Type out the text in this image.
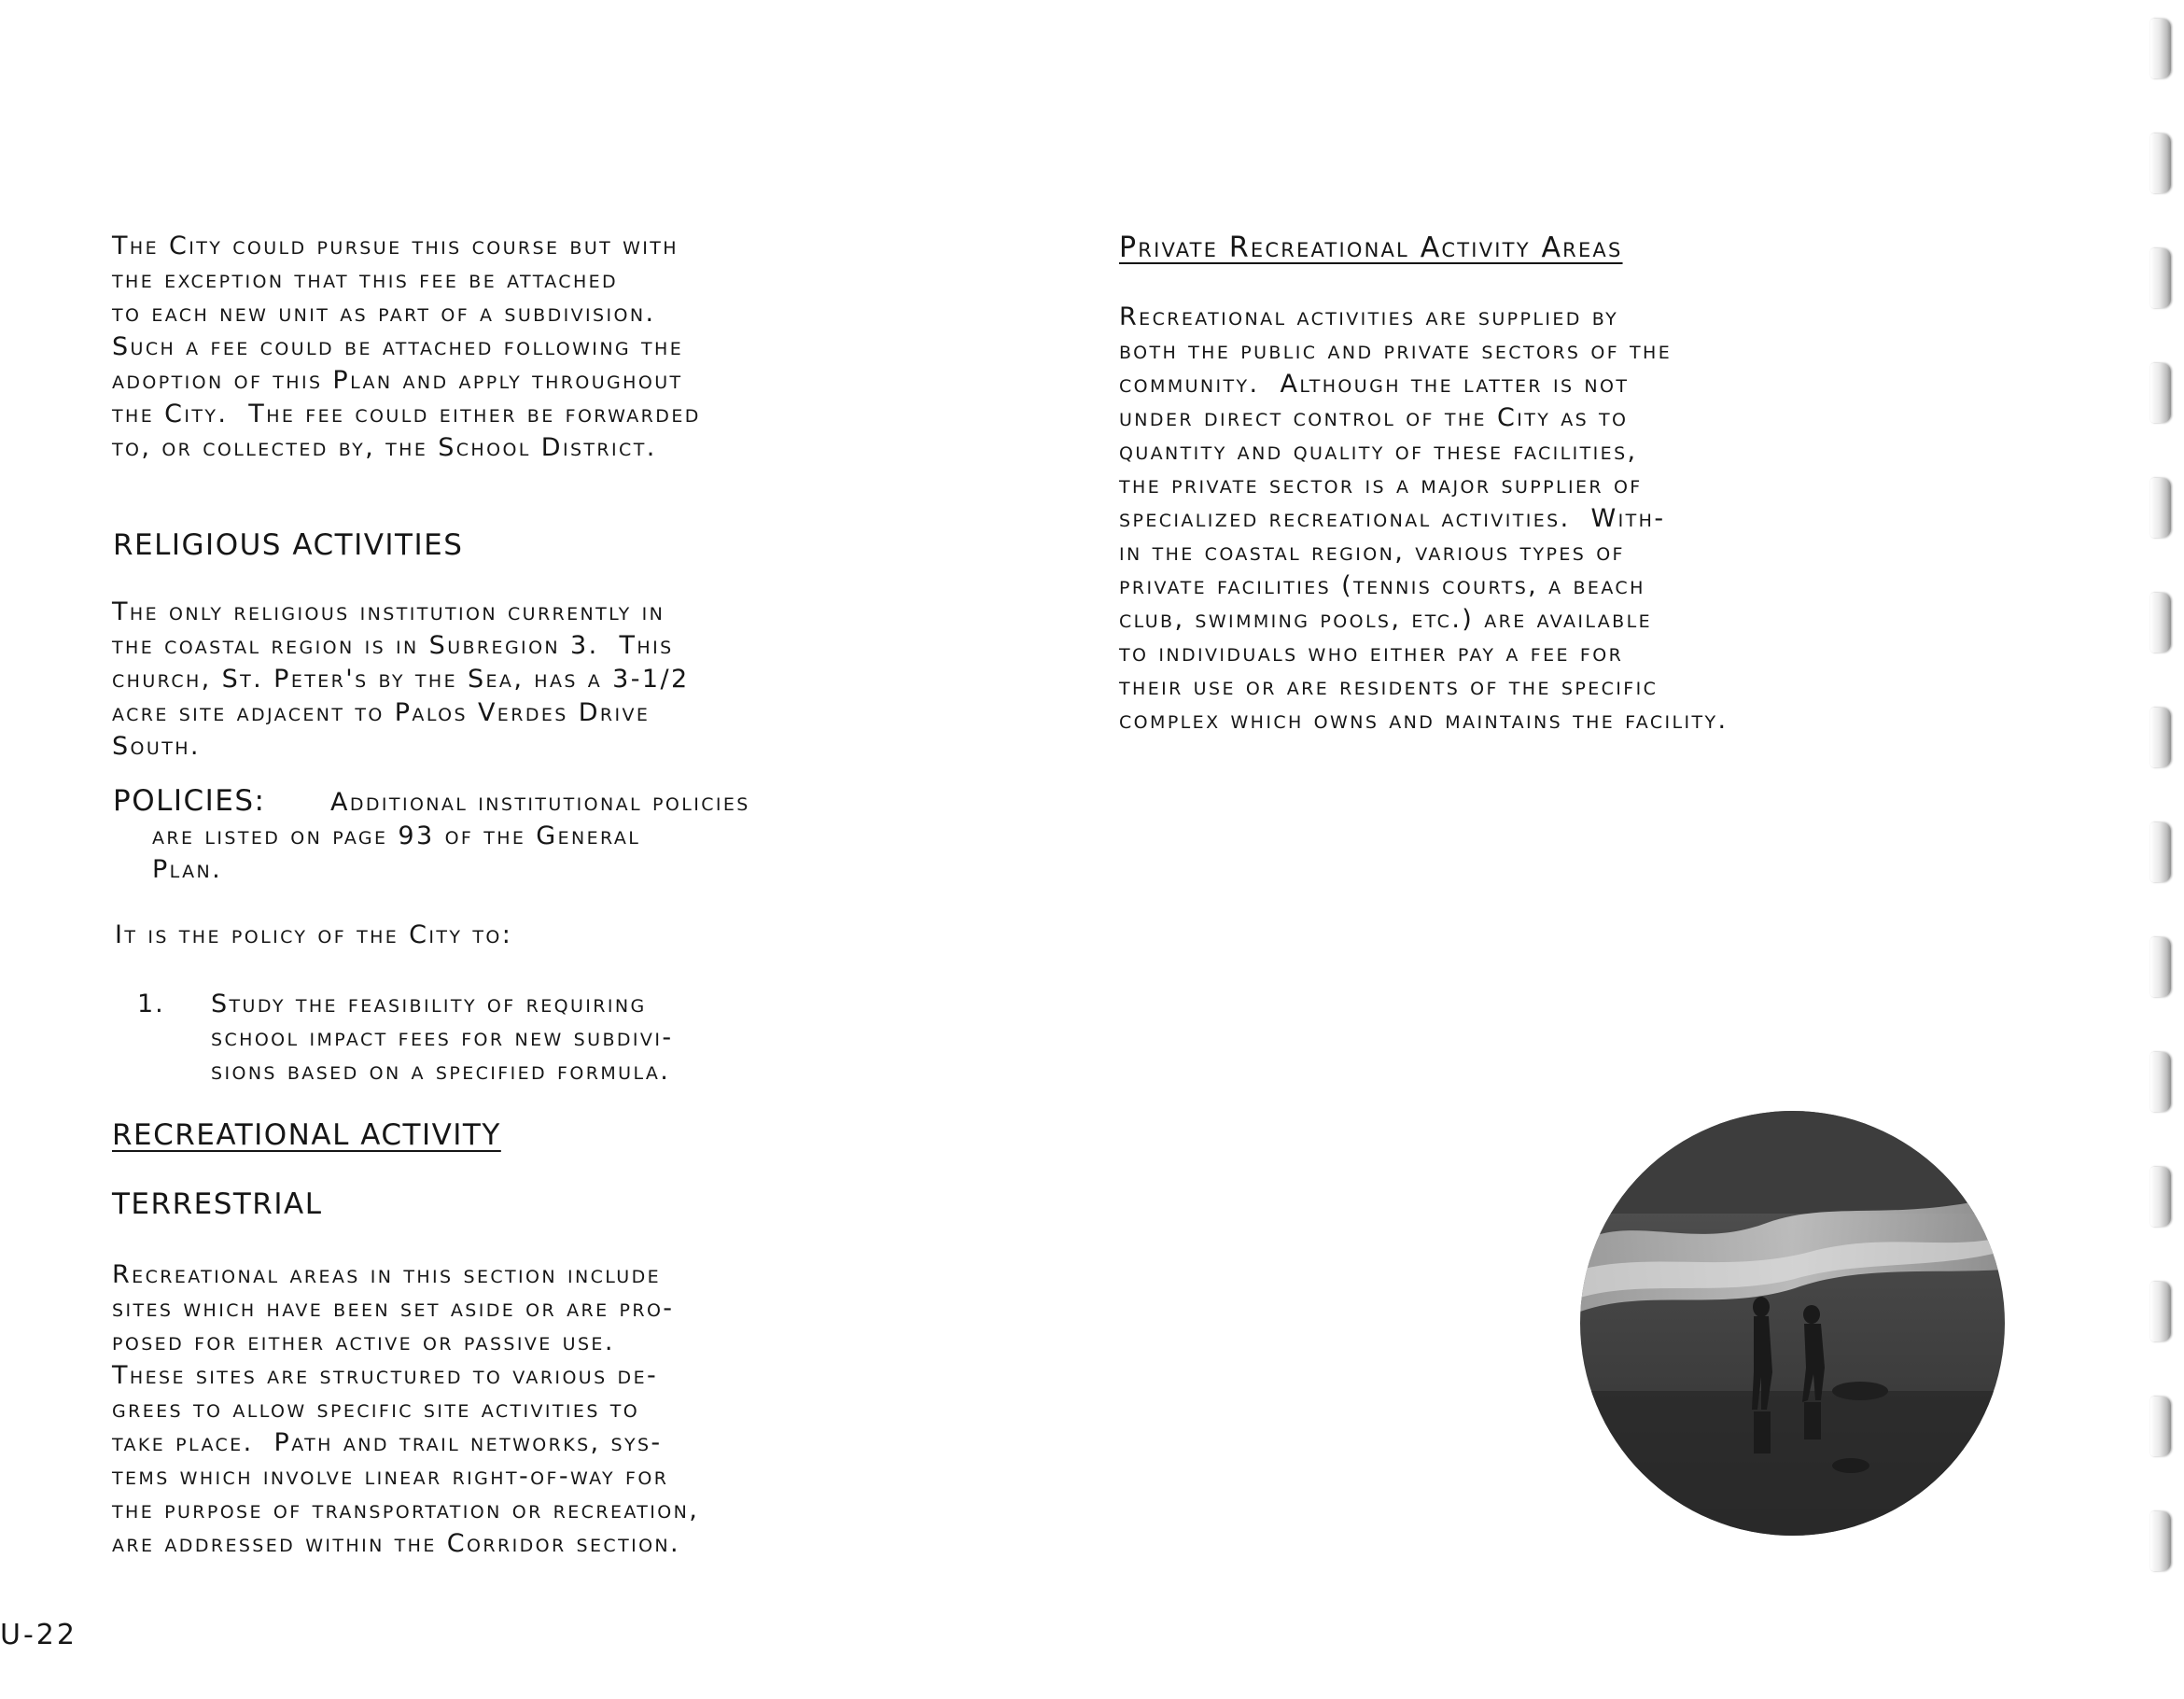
The City could pursue this course but with
the exception that this fee be attached
to each new unit as part of a subdivision.
Such a fee could be attached following the
adoption of this Plan and apply throughout
the City.  The fee could either be forwarded
to, or collected by, the School District.

RELIGIOUS ACTIVITIES

The only religious institution currently in
the coastal region is in Subregion 3.  This
church, St. Peter's by the Sea, has a 3-1/2
acre site adjacent to Palos Verdes Drive
South.

POLICIES:	Additional institutional policies

are listed on page 93 of the General
Plan.

It is the policy of the City to:

1. Study the feasibility of requiring
school impact fees for new subdivi-
sions based on a specified formula.

RECREATIONAL ACTIVITY

TERRESTRIAL

Recreational areas in this section include
sites which have been set aside or are pro-
posed for either active or passive use.
These sites are structured to various de-
grees to allow specific site activities to
take place.  Path and trail networks, sys-
tems which involve linear right-of-way for
the purpose of transportation or recreation,
are addressed within the Corridor section.

Private Recreational Activity Areas

Recreational activities are supplied by
both the public and private sectors of the
community.  Although the latter is not
under direct control of the City as to
quantity and quality of these facilities,
the private sector is a major supplier of
specialized recreational activities.  With-
in the coastal region, various types of
private facilities (tennis courts, a beach
club, swimming pools, etc.) are available
to individuals who either pay a fee for
their use or are residents of the specific
complex which owns and maintains the facility.

U-22
